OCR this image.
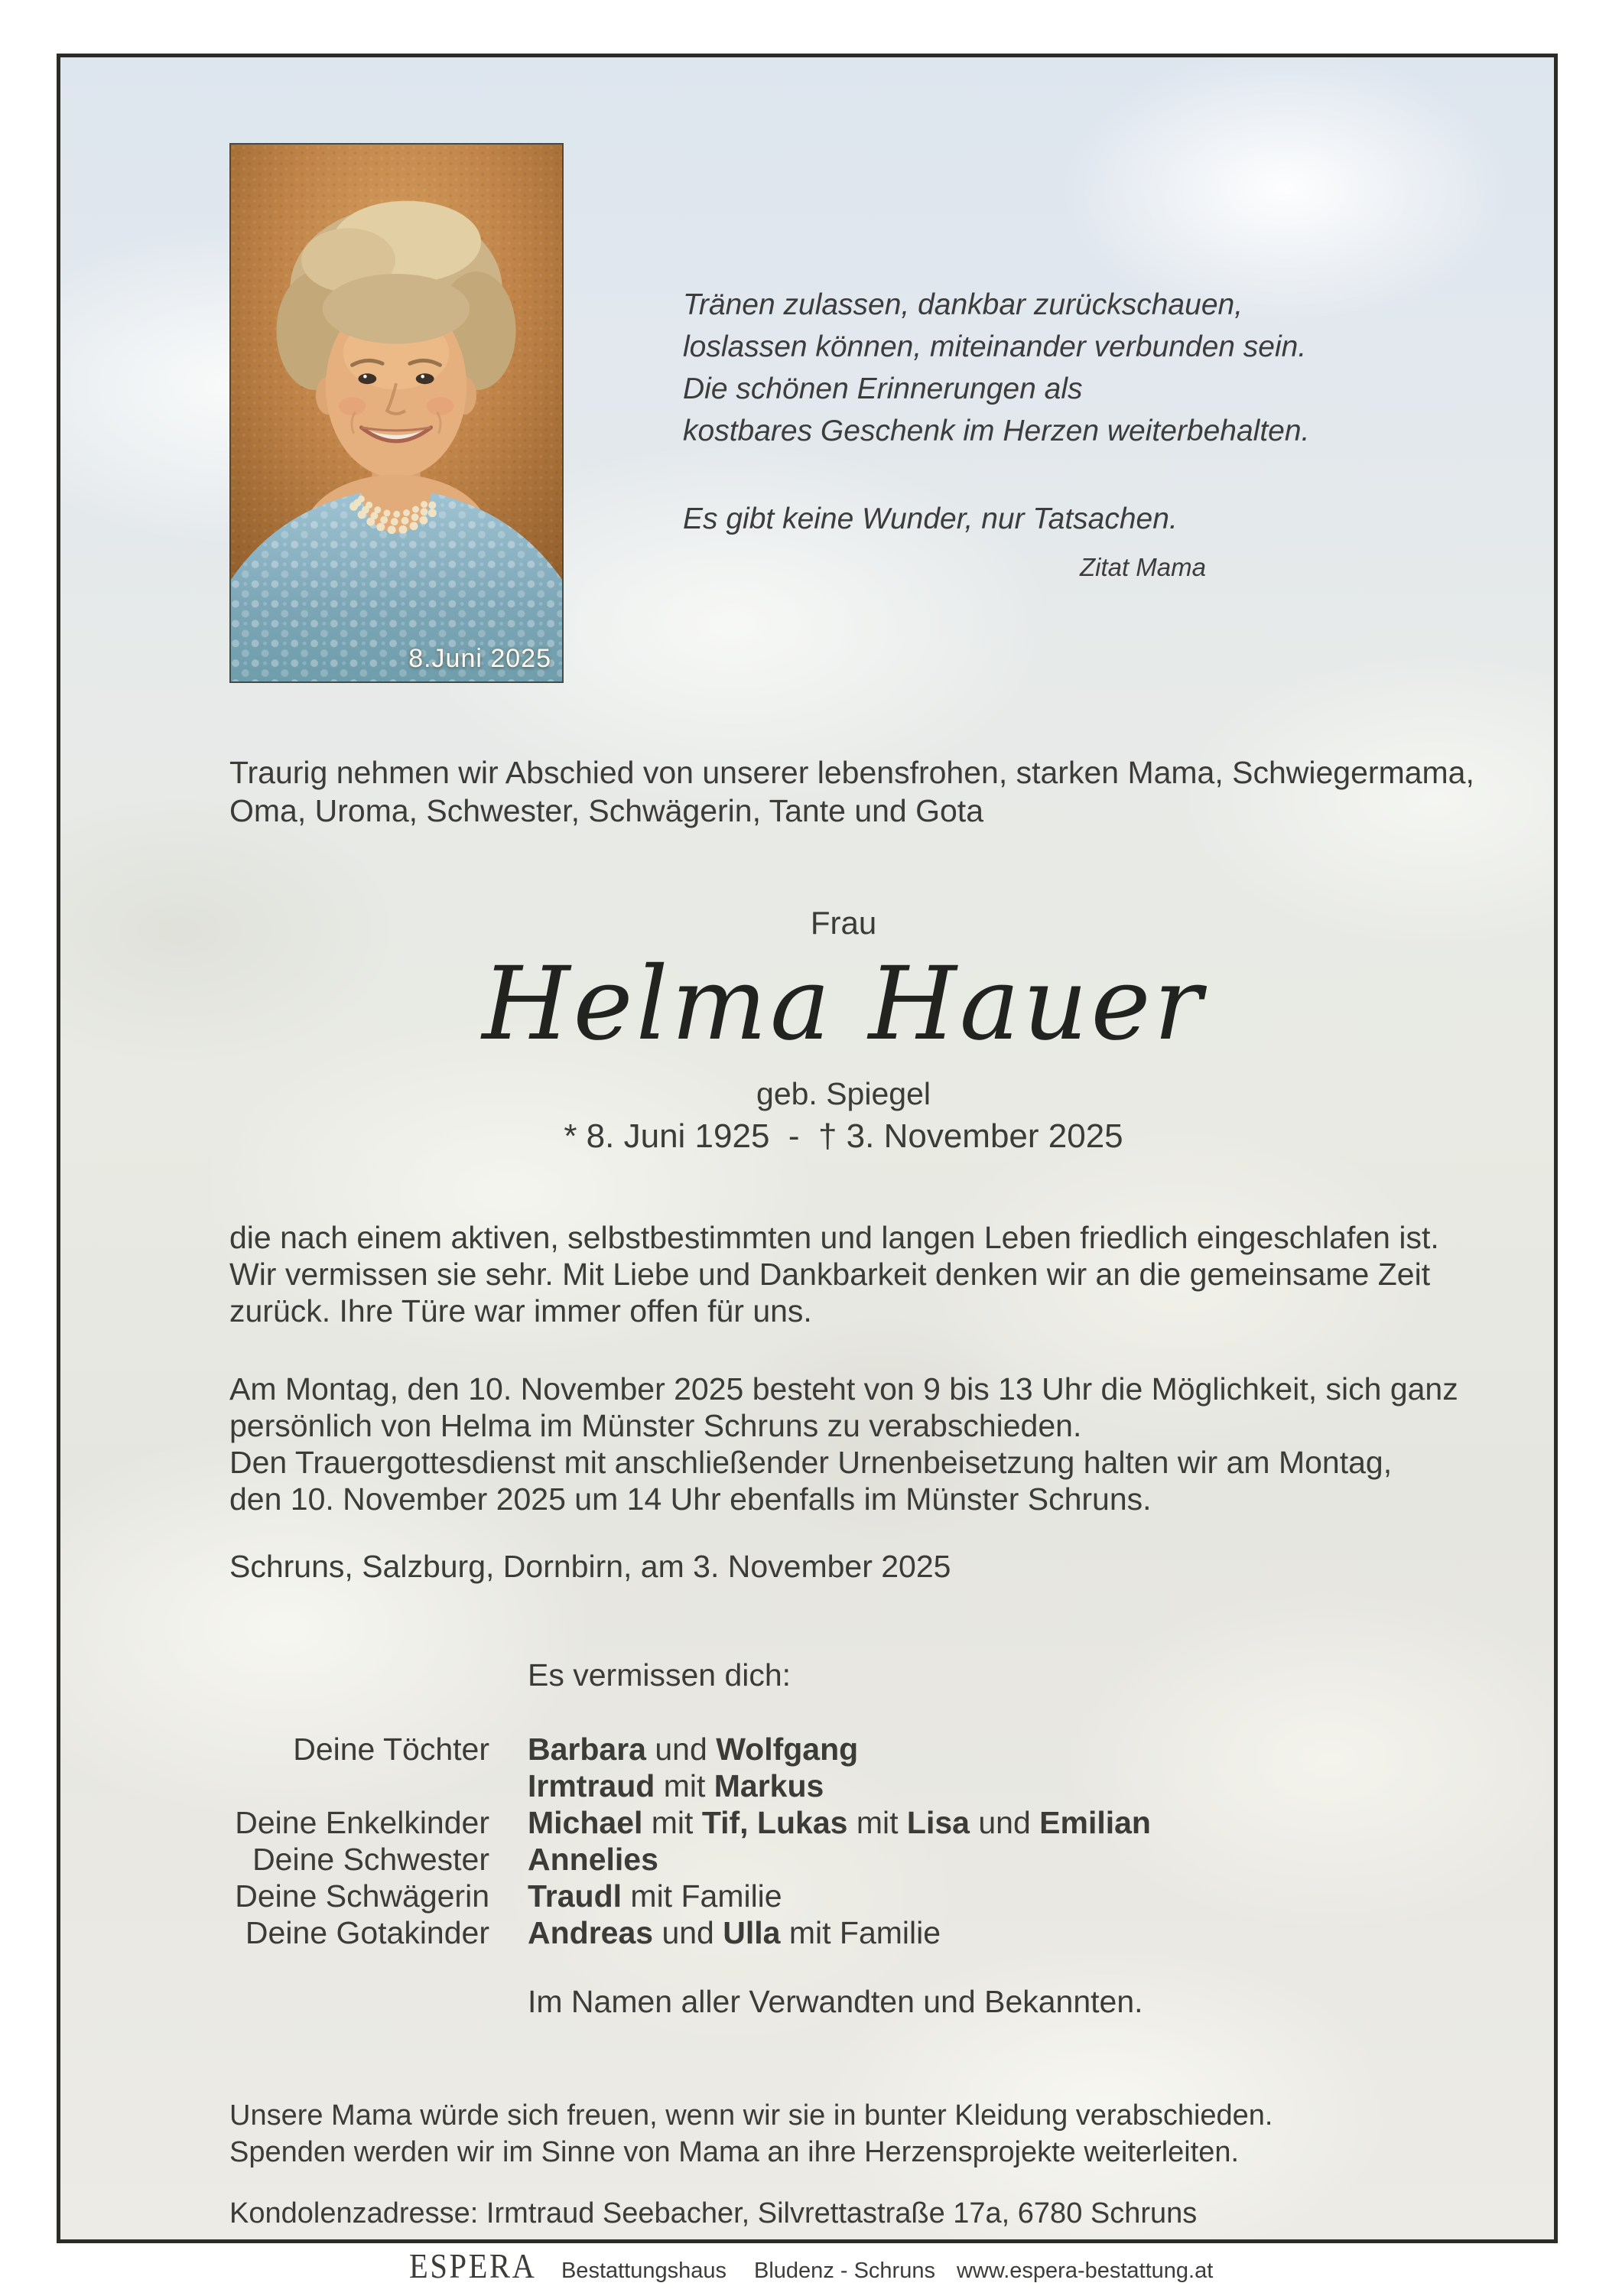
8.Juni 2025
Tränen zulassen, dankbar zurückschauen,
loslassen können, miteinander verbunden sein.
Die schönen Erinnerungen als
kostbares Geschenk im Herzen weiterbehalten.
Es gibt keine Wunder, nur Tatsachen.
Zitat Mama
Traurig nehmen wir Abschied von unserer lebensfrohen, starken Mama, Schwiegermama,
Oma, Uroma, Schwester, Schwägerin, Tante und Gota
Frau
Helma Hauer
geb. Spiegel
* 8. Juni 1925  -  † 3. November 2025
die nach einem aktiven, selbstbestimmten und langen Leben friedlich eingeschlafen ist.
Wir vermissen sie sehr. Mit Liebe und Dankbarkeit denken wir an die gemeinsame Zeit
zurück. Ihre Türe war immer offen für uns.
Am Montag, den 10. November 2025 besteht von 9 bis 13 Uhr die Möglichkeit, sich ganz
persönlich von Helma im Münster Schruns zu verabschieden.
Den Trauergottesdienst mit anschließender Urnenbeisetzung halten wir am Montag,
den 10. November 2025 um 14 Uhr ebenfalls im Münster Schruns.
Schruns, Salzburg, Dornbirn, am 3. November 2025
Es vermissen dich:
Deine Töchter Barbara und Wolfgang
Irmtraud mit Markus
Deine Enkelkinder Michael mit Tif, Lukas mit Lisa und Emilian
Deine Schwester Annelies
Deine Schwägerin Traudl mit Familie
Deine Gotakinder Andreas und Ulla mit Familie
Im Namen aller Verwandten und Bekannten.
Unsere Mama würde sich freuen, wenn wir sie in bunter Kleidung verabschieden.
Spenden werden wir im Sinne von Mama an ihre Herzensprojekte weiterleiten.
Kondolenzadresse: Irmtraud Seebacher, Silvrettastraße 17a, 6780 Schruns
ESPERA Bestattungshaus Bludenz - Schruns www.espera-bestattung.at
